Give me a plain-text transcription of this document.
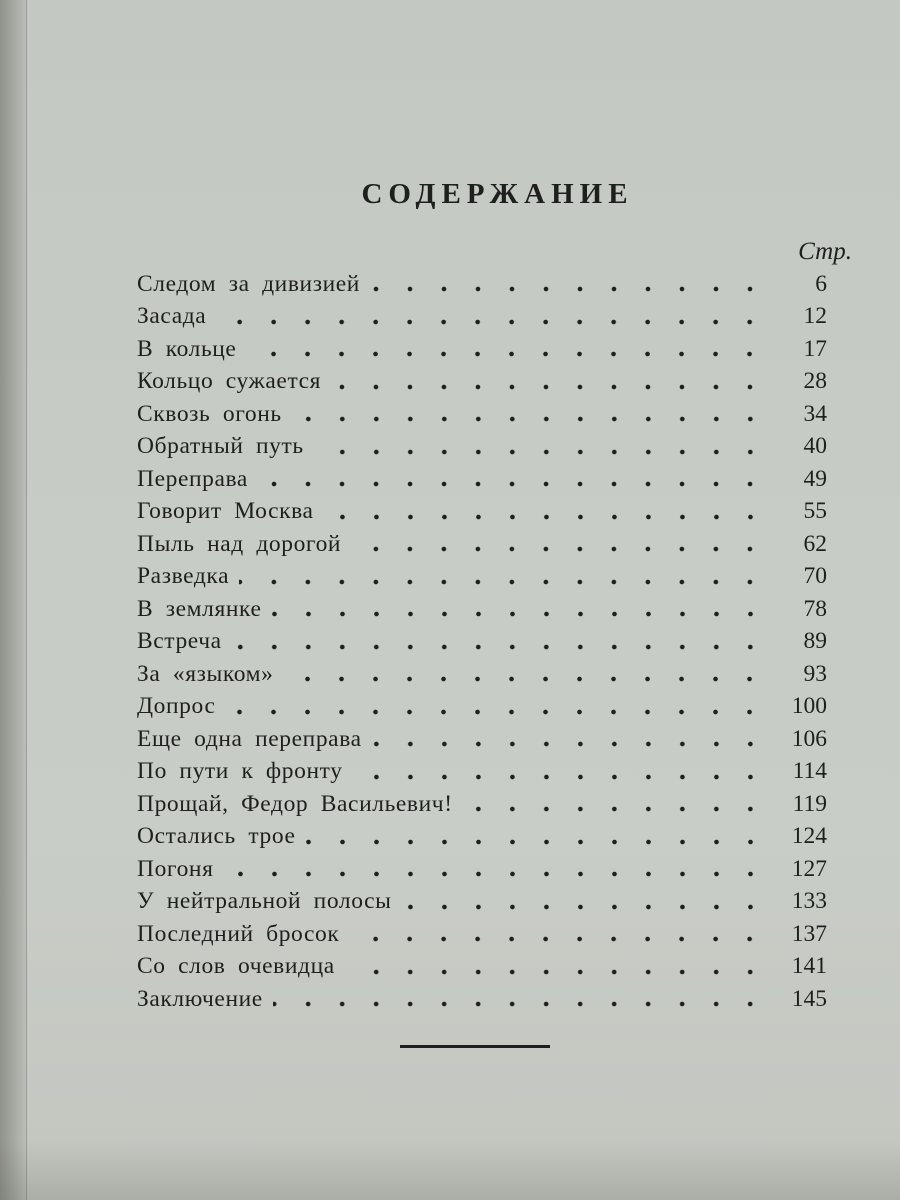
СОДЕРЖАНИЕ
Стр.
Следом за дивизией	6
Засада	12
В кольце	17
Кольцо сужается	28
Сквозь огонь	34
Обратный путь	40
Переправа	49
Говорит Москва	55
Пыль над дорогой	62
Разведка	70
В землянке	78
Встреча	89
За «языком»	93
Допрос	100
Еще одна переправа	106
По пути к фронту	114
Прощай, Федор Васильевич!	119
Остались трое	124
Погоня	127
У нейтральной полосы	133
Последний бросок	137
Со слов очевидца	141
Заключение	145
